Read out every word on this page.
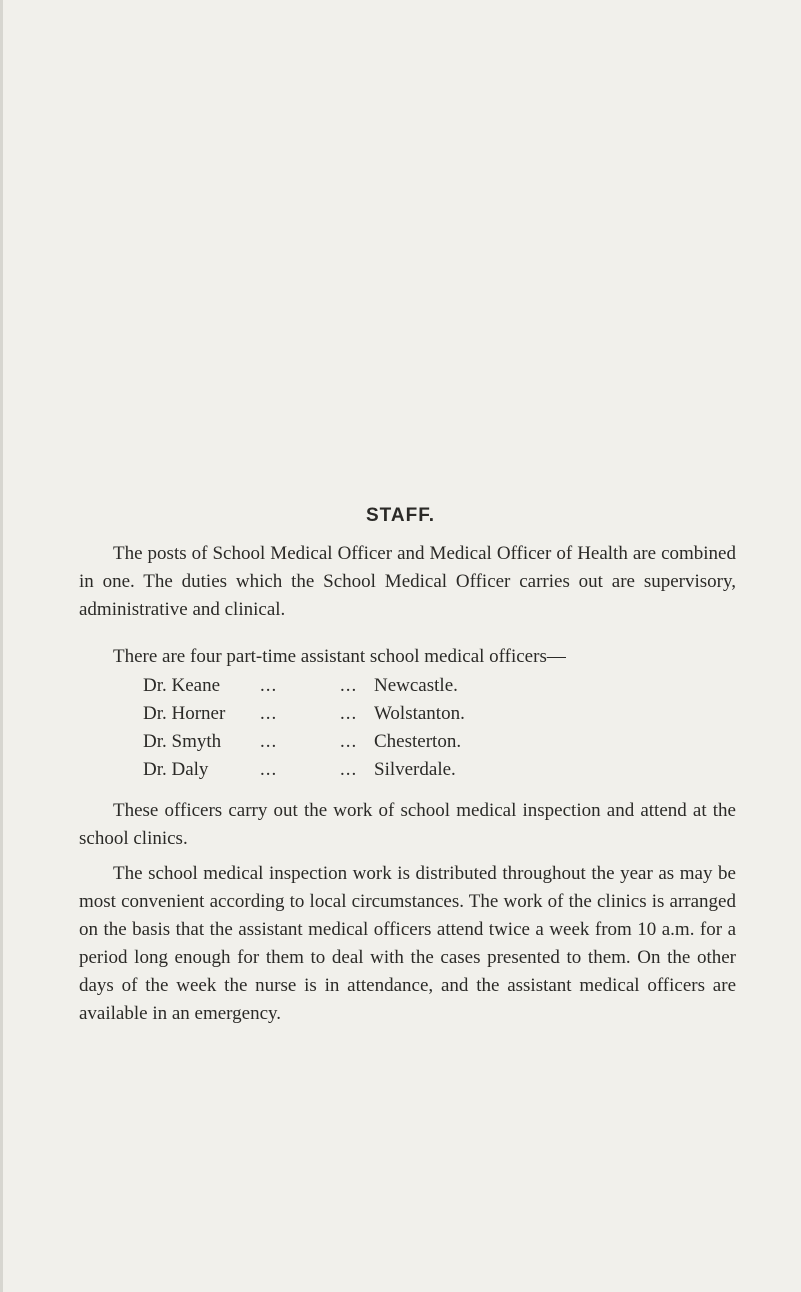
STAFF.

The posts of School Medical Officer and Medical Officer of Health are combined in one. The duties which the School Medical Officer carries out are supervisory, administrative and clinical.

There are four part-time assistant school medical officers—

Dr. Keane	...	... Newcastle.
Dr. Horner	...	... Wolstanton.
Dr. Smyth	...	... Chesterton.
Dr. Daly	...	... Silverdale.

These officers carry out the work of school medical inspection and attend at the school clinics.

The school medical inspection work is distributed throughout the year as may be most convenient according to local circumstances. The work of the clinics is arranged on the basis that the assistant medical officers attend twice a week from 10 a.m. for a period long enough for them to deal with the cases presented to them. On the other days of the week the nurse is in attendance, and the assistant medical officers are available in an emergency.
